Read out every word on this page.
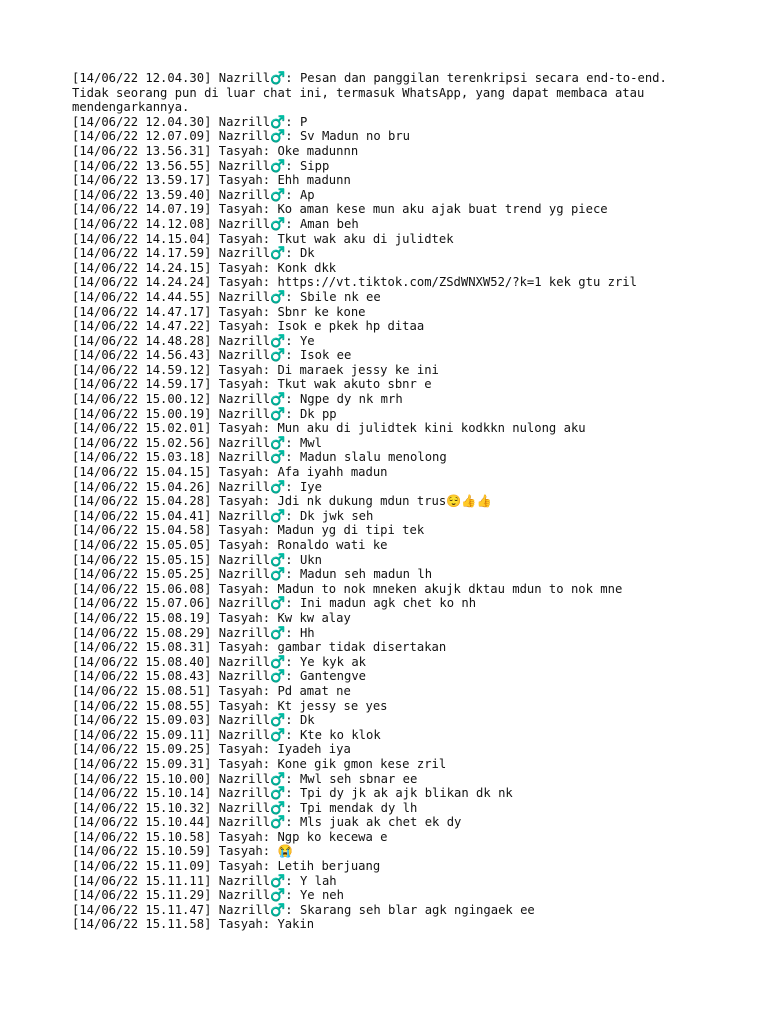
[14/06/22 12.04.30] Nazrill♂️: Pesan dan panggilan terenkripsi secara end-to-end.
Tidak seorang pun di luar chat ini, termasuk WhatsApp, yang dapat membaca atau
mendengarkannya.
[14/06/22 12.04.30] Nazrill♂️: P
[14/06/22 12.07.09] Nazrill♂️: Sv Madun no bru
[14/06/22 13.56.31] Tasyah: Oke madunnn
[14/06/22 13.56.55] Nazrill♂️: Sipp
[14/06/22 13.59.17] Tasyah: Ehh madunn
[14/06/22 13.59.40] Nazrill♂️: Ap
[14/06/22 14.07.19] Tasyah: Ko aman kese mun aku ajak buat trend yg piece
[14/06/22 14.12.08] Nazrill♂️: Aman beh
[14/06/22 14.15.04] Tasyah: Tkut wak aku di julidtek
[14/06/22 14.17.59] Nazrill♂️: Dk
[14/06/22 14.24.15] Tasyah: Konk dkk
[14/06/22 14.24.24] Tasyah: https://vt.tiktok.com/ZSdWNXW52/?k=1 kek gtu zril
[14/06/22 14.44.55] Nazrill♂️: Sbile nk ee
[14/06/22 14.47.17] Tasyah: Sbnr ke kone
[14/06/22 14.47.22] Tasyah: Isok e pkek hp ditaa
[14/06/22 14.48.28] Nazrill♂️: Ye
[14/06/22 14.56.43] Nazrill♂️: Isok ee
[14/06/22 14.59.12] Tasyah: Di maraek jessy ke ini
[14/06/22 14.59.17] Tasyah: Tkut wak akuto sbnr e
[14/06/22 15.00.12] Nazrill♂️: Ngpe dy nk mrh
[14/06/22 15.00.19] Nazrill♂️: Dk pp
[14/06/22 15.02.01] Tasyah: Mun aku di julidtek kini kodkkn nulong aku
[14/06/22 15.02.56] Nazrill♂️: Mwl
[14/06/22 15.03.18] Nazrill♂️: Madun slalu menolong
[14/06/22 15.04.15] Tasyah: Afa iyahh madun
[14/06/22 15.04.26] Nazrill♂️: Iye
[14/06/22 15.04.28] Tasyah: Jdi nk dukung mdun trus😌👍👍
[14/06/22 15.04.41] Nazrill♂️: Dk jwk seh
[14/06/22 15.04.58] Tasyah: Madun yg di tipi tek
[14/06/22 15.05.05] Tasyah: Ronaldo wati ke
[14/06/22 15.05.15] Nazrill♂️: Ukn
[14/06/22 15.05.25] Nazrill♂️: Madun seh madun lh
[14/06/22 15.06.08] Tasyah: Madun to nok mneken akujk dktau mdun to nok mne
[14/06/22 15.07.06] Nazrill♂️: Ini madun agk chet ko nh
[14/06/22 15.08.19] Tasyah: Kw kw alay
[14/06/22 15.08.29] Nazrill♂️: Hh
[14/06/22 15.08.31] Tasyah: gambar tidak disertakan
[14/06/22 15.08.40] Nazrill♂️: Ye kyk ak
[14/06/22 15.08.43] Nazrill♂️: Gantengve
[14/06/22 15.08.51] Tasyah: Pd amat ne
[14/06/22 15.08.55] Tasyah: Kt jessy se yes
[14/06/22 15.09.03] Nazrill♂️: Dk
[14/06/22 15.09.11] Nazrill♂️: Kte ko klok
[14/06/22 15.09.25] Tasyah: Iyadeh iya
[14/06/22 15.09.31] Tasyah: Kone gik gmon kese zril
[14/06/22 15.10.00] Nazrill♂️: Mwl seh sbnar ee
[14/06/22 15.10.14] Nazrill♂️: Tpi dy jk ak ajk blikan dk nk
[14/06/22 15.10.32] Nazrill♂️: Tpi mendak dy lh
[14/06/22 15.10.44] Nazrill♂️: Mls juak ak chet ek dy
[14/06/22 15.10.58] Tasyah: Ngp ko kecewa e
[14/06/22 15.10.59] Tasyah: 😭
[14/06/22 15.11.09] Tasyah: Letih berjuang
[14/06/22 15.11.11] Nazrill♂️: Y lah
[14/06/22 15.11.29] Nazrill♂️: Ye neh
[14/06/22 15.11.47] Nazrill♂️: Skarang seh blar agk ngingaek ee
[14/06/22 15.11.58] Tasyah: Yakin
